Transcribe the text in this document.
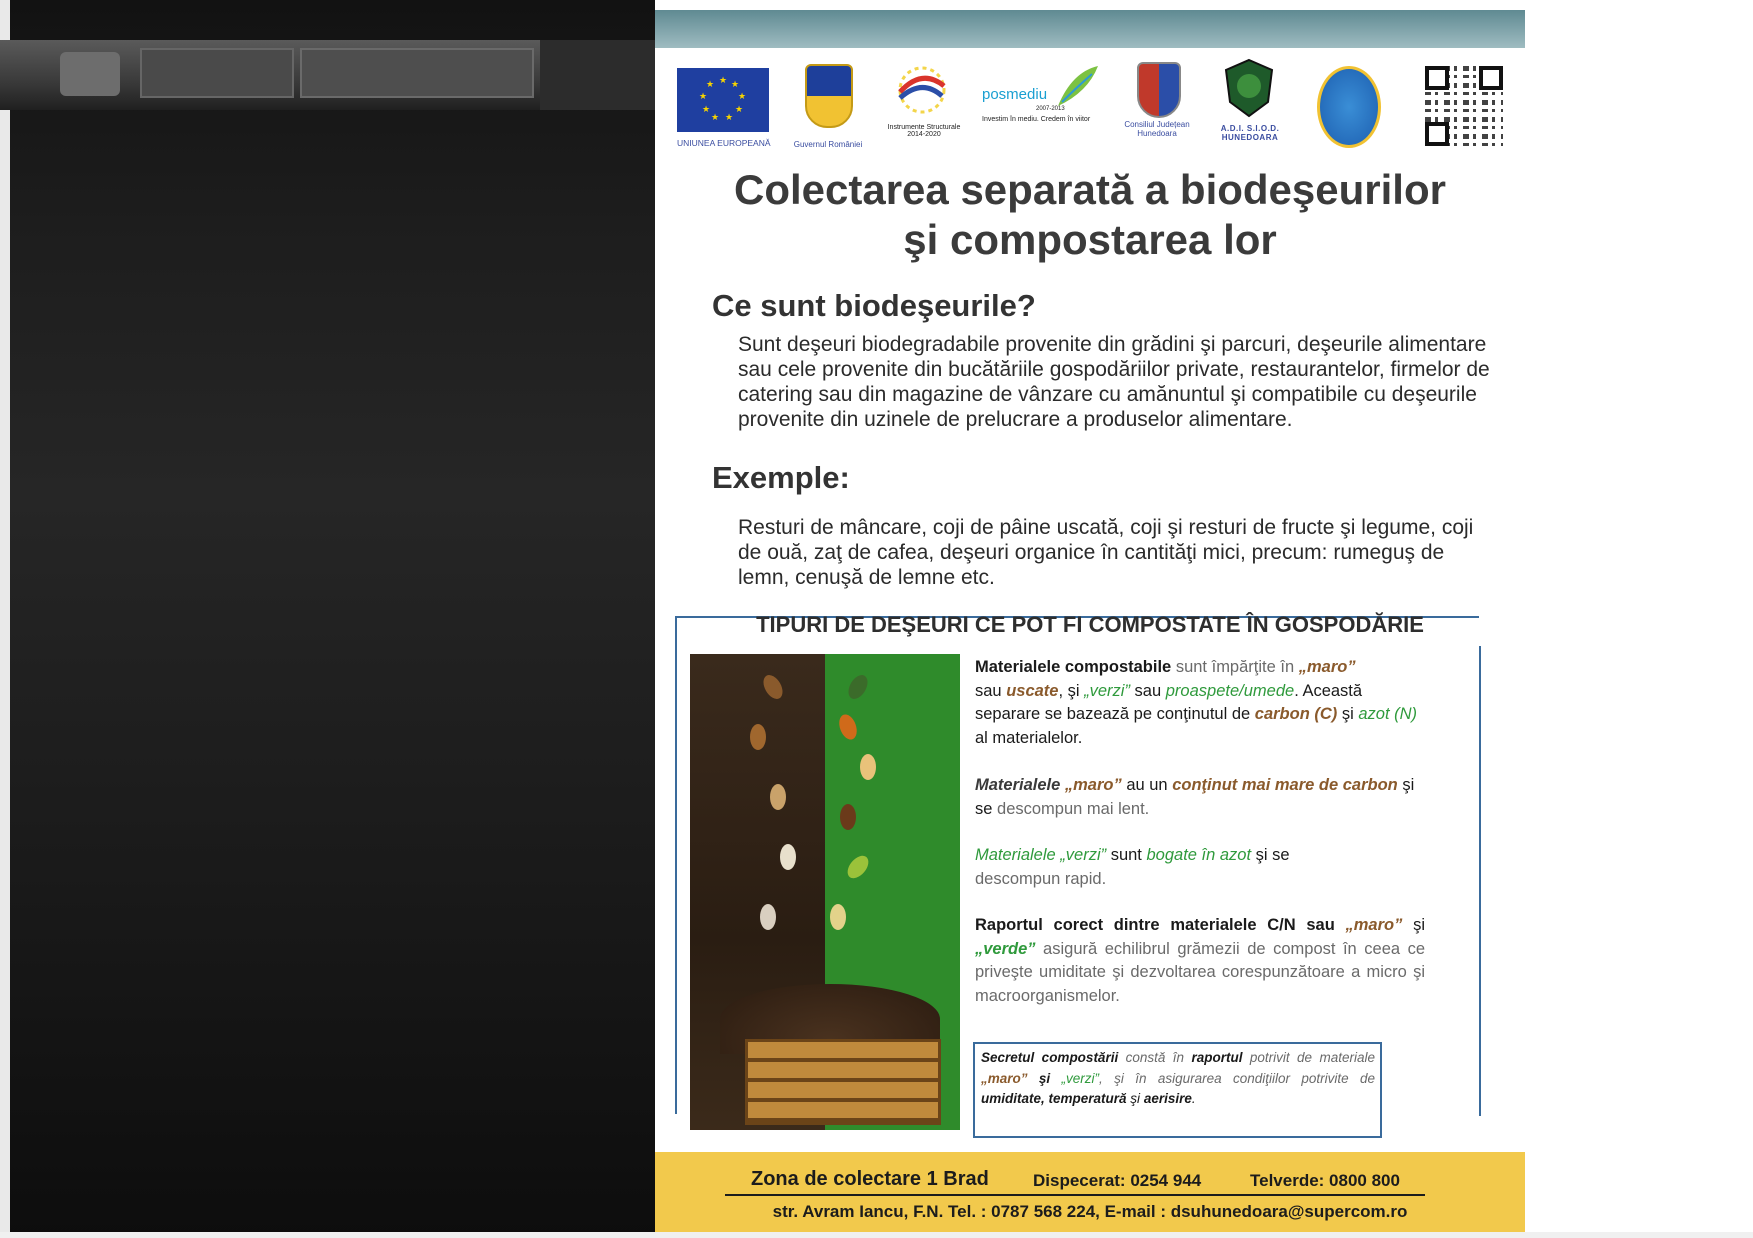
★ ★
★
★
★
★
★
★
★
UNIUNEA EUROPEANĂ	Guvernul României
Instrumente Structurale 2014-2020
posmediu
2007-2013
Investim în mediu. Credem în viitor
Consiliul Județean Hunedoara
A.D.I. S.I.O.D. HUNEDOARA
Colectarea separată a biodeşeurilor
şi compostarea lor
Ce sunt biodeşeurile?
Sunt deşeuri biodegradabile provenite din grădini şi parcuri, deşeurile alimentare sau cele provenite din bucătăriile gospodăriilor private, restaurantelor, firmelor de catering sau din magazine de vânzare cu amănuntul şi compatibile cu deşeurile provenite din uzinele de prelucrare a produselor alimentare.
Exemple:
Resturi de mâncare, coji de pâine uscată, coji şi resturi de fructe şi legume, coji de ouă, zaţ de cafea, deşeuri organice în cantităţi mici, precum: rumeguş de lemn, cenuşă de lemne etc.
TIPURI DE DEŞEURI CE POT FI COMPOSTATE ÎN GOSPODĂRIE
Materialele compostabile sunt împărţite în „maro”
sau uscate, şi „verzi” sau proaspete/umede. Această separare se bazează pe conţinutul de carbon (C) şi azot (N) al materialelor.
Materialele „maro” au un conţinut mai mare de carbon şi se descompun mai lent.
Materialele „verzi” sunt bogate în azot şi se
descompun rapid.
Raportul corect dintre materialele C/N sau „maro” şi „verde” asigură echilibrul grămezii de compost în ceea ce priveşte umiditate şi dezvoltarea corespunzătoare a micro şi macroorganismelor.
Secretul compostării constă în raportul potrivit de materiale „maro” şi „verzi”, şi în asigurarea condiţiilor potrivite de umiditate, temperatură şi aerisire.
Zona de colectare 1 Brad	Dispecerat: 0254 944	Telverde: 0800 800
str. Avram Iancu, F.N. Tel. : 0787 568 224, E-mail : dsuhunedoara@supercom.ro
